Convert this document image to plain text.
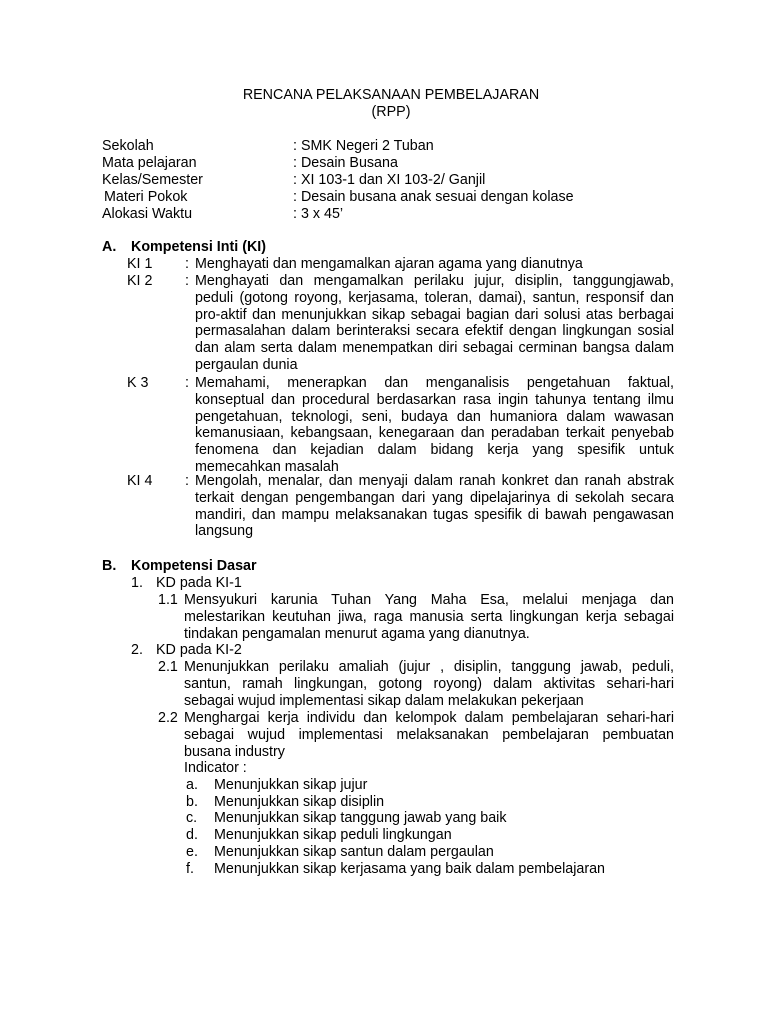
RENCANA PELAKSANAAN PEMBELAJARAN
(RPP)
Sekolah	: SMK Negeri 2 Tuban
Mata pelajaran	: Desain Busana
Kelas/Semester	: XI 103-1 dan XI 103-2/ Ganjil
Materi Pokok	: Desain busana anak sesuai dengan kolase
Alokasi Waktu	: 3 x 45’
A. Kompetensi Inti (KI)
KI 1 : Menghayati dan mengamalkan ajaran agama yang dianutnya
KI 2 : Menghayati dan mengamalkan perilaku jujur, disiplin, tanggungjawab, peduli (gotong royong, kerjasama, toleran, damai), santun, responsif dan pro-aktif dan menunjukkan sikap sebagai bagian dari solusi atas berbagai permasalahan dalam berinteraksi secara efektif dengan lingkungan sosial dan alam serta dalam menempatkan diri sebagai cerminan bangsa dalam pergaulan dunia
K 3	: Memahami, menerapkan dan menganalisis pengetahuan faktual, konseptual dan procedural berdasarkan rasa ingin tahunya tentang ilmu pengetahuan, teknologi, seni, budaya dan humaniora dalam wawasan kemanusiaan, kebangsaan, kenegaraan dan peradaban terkait penyebab fenomena dan kejadian dalam bidang kerja yang spesifik untuk memecahkan masalah
KI 4 : Mengolah, menalar, dan menyaji dalam ranah konkret dan ranah abstrak terkait dengan pengembangan dari yang dipelajarinya di sekolah secara mandiri, dan mampu melaksanakan tugas spesifik di bawah pengawasan langsung
B. Kompetensi Dasar
1. KD pada KI-1
1.1 Mensyukuri karunia Tuhan Yang Maha Esa, melalui menjaga dan melestarikan keutuhan jiwa, raga manusia serta lingkungan kerja sebagai tindakan pengamalan menurut agama yang dianutnya.
2. KD pada KI-2
2.1 Menunjukkan perilaku amaliah (jujur , disiplin, tanggung jawab, peduli, santun, ramah lingkungan, gotong royong) dalam aktivitas sehari-hari sebagai wujud implementasi sikap dalam melakukan pekerjaan
2.2 Menghargai kerja individu dan kelompok dalam pembelajaran sehari-hari sebagai wujud implementasi melaksanakan pembelajaran pembuatan busana industry
Indicator :
a. Menunjukkan sikap jujur
b. Menunjukkan sikap disiplin
c. Menunjukkan sikap tanggung jawab yang baik
d. Menunjukkan sikap peduli lingkungan
e. Menunjukkan sikap santun dalam pergaulan
f. Menunjukkan sikap kerjasama yang baik dalam pembelajaran
